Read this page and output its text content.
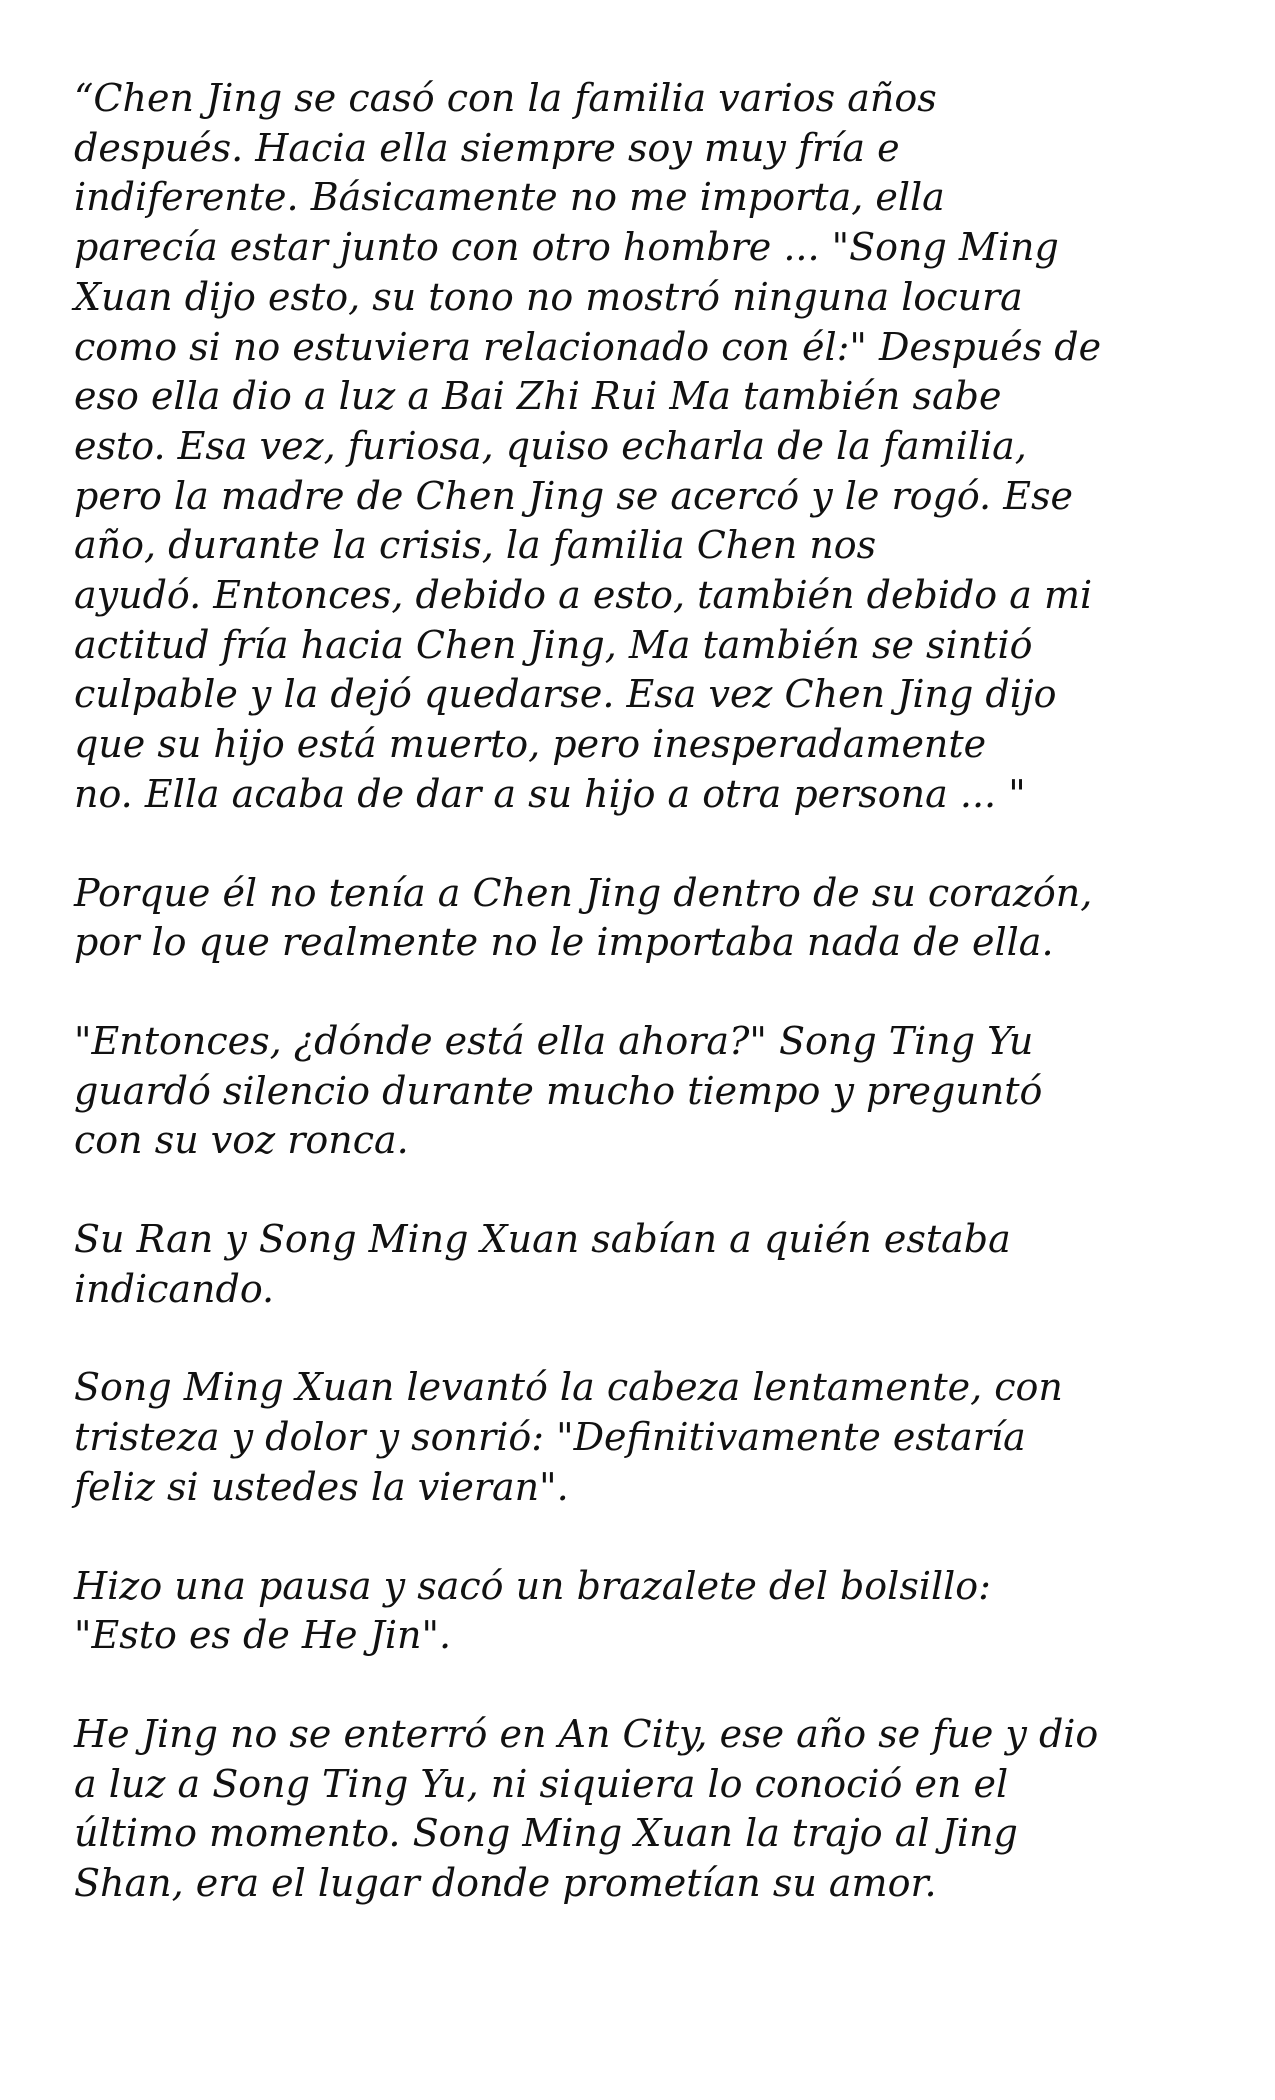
“Chen Jing se casó con la familia varios años
después. Hacia ella siempre soy muy fría e
indiferente. Básicamente no me importa, ella
parecía estar junto con otro hombre ... "Song Ming
Xuan dijo esto, su tono no mostró ninguna locura
como si no estuviera relacionado con él:" Después de
eso ella dio a luz a Bai Zhi Rui Ma también sabe
esto. Esa vez, furiosa, quiso echarla de la familia,
pero la madre de Chen Jing se acercó y le rogó. Ese
año, durante la crisis, la familia Chen nos
ayudó. Entonces, debido a esto, también debido a mi
actitud fría hacia Chen Jing, Ma también se sintió
culpable y la dejó quedarse. Esa vez Chen Jing dijo
que su hijo está muerto, pero inesperadamente
no. Ella acaba de dar a su hijo a otra persona ... "

Porque él no tenía a Chen Jing dentro de su corazón,
por lo que realmente no le importaba nada de ella.

"Entonces, ¿dónde está ella ahora?" Song Ting Yu
guardó silencio durante mucho tiempo y preguntó
con su voz ronca.

Su Ran y Song Ming Xuan sabían a quién estaba
indicando.

Song Ming Xuan levantó la cabeza lentamente, con
tristeza y dolor y sonrió: "Definitivamente estaría
feliz si ustedes la vieran".

Hizo una pausa y sacó un brazalete del bolsillo:
"Esto es de He Jin".

He Jing no se enterró en An City, ese año se fue y dio
a luz a Song Ting Yu, ni siquiera lo conoció en el
último momento. Song Ming Xuan la trajo al Jing
Shan, era el lugar donde prometían su amor.
